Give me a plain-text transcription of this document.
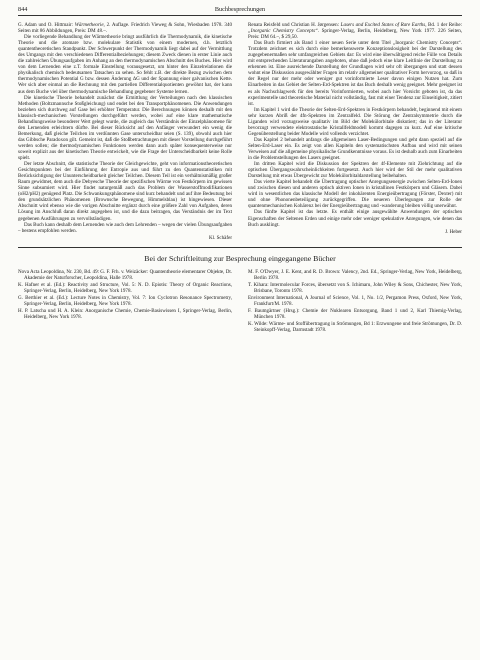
844	Buchbesprechungen

G. Adam und O. Hittmair: Wärmetheorie, 2. Auflage. Friedrich Vieweg & Sohn, Wiesbaden 1978. 340 Seiten mit 86 Abbildungen, Preis: DM 48.–.

Die vorliegende Behandlung der Wärmetheorie bringt ausführlich die Thermodynamik, die kinetische Theorie und die atomare bzw. molekulare Statistik von einem modernen, d.h. letztlich quantentheoretischen Standpunkt. Der Schwerpunkt der Thermodynamik liegt dabei auf der Vermittlung des Umgangs mit den verschiedenen Differentialbeziehungen; diesem Zweck dienen in erster Linie auch die zahlreichen Übungsaufgaben im Anhang an den thermodynamischen Abschnitt des Buches. Hier wird von dem Lernenden eine z.T. formale Einstellung vorausgesetzt, um hinter den Einzelrelationen die physikalisch chemisch bedeutsamen Tatsachen zu sehen. So fehlt z.B. der direkte Bezug zwischen dem thermodynamischen Potential G bzw. dessen Änderung ΔG und der Spannung einer galvanischen Kette. Wer sich aber einmal an die Rechnung mit den partiellen Differentialquotienten gewöhnt hat, der kann aus dem Buche viel über thermodynamische Behandlung gegebener Systeme lernen.

Die kinetische Theorie behandelt zunächst die Ermittlung der Verteilungen nach den klassischen Methoden (Boltzmannsche Stoßgleichung) und endet bei den Transportphänomenen. Die Anwendungen beziehen sich durchweg auf Gase bei erhöhter Temperatur. Die Berechnungen können deshalb mit den klassisch-mechanischen Vorstellungen durchgeführt werden, wobei auf eine klare mathematische Behandlungsweise besonderer Wert gelegt wurde, die zugleich das Verständnis der Einzelphänomene für den Lernenden erleichtern dürfte. Bei dieser Rücksicht auf den Anfänger verwundert ein wenig die Bemerkung, daß gleiche Teilchen im verdünnten Gase unterscheidbar seien (S. 139), obwohl auch hier das Gibbsche Paradoxon gilt. Gemeint ist, daß die Stoßbetrachtungen mit dieser Vorstellung durchgeführt werden sollen; die thermodynamischen Funktionen werden dann auch später konsequenterweise nur soweit explizit aus der kinetischen Theorie entwickelt, wie die Frage der Unterscheidbarkeit keine Rolle spielt.

Der letzte Abschnitt, die statistische Theorie der Gleichgewichte, geht von informationstheoretischen Gesichtspunkten bei der Einführung der Entropie aus und führt zu den Quantenstatistiken mit Berücksichtigung der Ununterscheidbarkeit gleicher Teilchen. Diesem Teil ist ein verhältnismäßig großer Raum gewidmet, dem auch die Debyesche Theorie der spezifischen Wärme von Festkörpern im gewissen Sinne subsumiert wird. Hier findet naturgemäß auch das Problem der Wasserstoffmodifikationen (oH2/pH2) genügend Platz. Die Schwankungsphänomene sind kurz behandelt und auf ihre Bedeutung bei den grundsätzlichen Phänomenen (Brownsche Bewegung, Himmelsblau) ist hingewiesen. Dieser Abschnitt wird ebenso wie die vorigen Abschnitte ergänzt durch eine größere Zahl von Aufgaben, deren Lösung im Anschluß daran direkt angegeben ist, und die dazu beitragen, das Verständnis der im Text gegebenen Ausführungen zu vervollständigen.

Das Buch kann deshalb dem Lernenden wie auch dem Lehrenden – wegen der vielen Übungsaufgaben – bestens empfohlen werden.

Kl. Schäfer

Renata Reisfeld und Christian H. Jørgensen: Lasers and Excited States of Rare Earths, Bd. 1 der Reihe: „Inorganic Chemistry Concepts“. Springer-Verlag, Berlin, Heidelberg, New York 1977. 226 Seiten, Preis: DM 64.–, $ 29,50.

Das Buch firmiert als Band 1 einer neuen Serie unter dem Titel „Inorganic Chemistry Concepts“. Trotzdem zeichnet es sich durch eine bemerkenswerte Konzeptionslosigkeit bei der Darstellung des zugegebenermaßen sehr umfangreichen Gebiets dar: Es wird eine überwältigend reiche Fülle von Details mit entsprechenden Literaturangaben angeboten, ohne daß jedoch eine klare Leitlinie der Darstellung zu erkennen ist. Eine ausreichende Darstellung der Grundlagen wird sehr oft übergangen und statt dessen wohnt eine Diskussion ausgewählter Fragen im relativ allgemeiner qualitativer Form hervorzog, so daß in der Regel nur der mehr oder weniger gut vorinformierte Leser davon einigen Nutzen hat. Zum Einarbeiten in das Gebiet der Selten-Erd-Spektren ist das Buch deshalb wenig geeignet. Mehr geeignet ist es als Nachschlagwerk für den bereits Vorinformierten, wobei auch hier Vorsicht geboten ist, da das experimentelle und theoretische Material nicht vollständig, fast mit einer Tendenz zur Einseitigkeit, zitiert ist.

Im Kapitel 1 wird die Theorie der Selten-Erd-Spektren in Festkörpern behandelt, beginnend mit einem sehr kurzen Abriß der 4fn-Spektren im Zentralfeld. Die Störung der Zentralsymmetrie durch die Liganden wird vorzugsweise qualitativ im Bild der Molekülorbitale diskutiert; das in der Literatur bevorzugt verwendete elektrostatische Kristallfeldmodell kommt dagegen zu kurz. Auf eine kritische Gegenüberstellung beider Modelle wird vollends verzichtet.

Das Kapitel 2 behandelt anfangs die allgemeinen Laser-Bedingungen und geht dann speziell auf die Selten-Erd-Laser ein. Es zeigt von allen Kapiteln den systematischsten Aufbau und wird mit seinen Verweisen auf die allgemeine physikalische Grundkenntnisse voraus. Es ist deshalb auch zum Einarbeiten in die Problemstellungen des Lasers geeignet.

Im dritten Kapitel wird die Diskussion der Spektren der 4f-Elemente mit Ziehrichtung auf die optischen Übergangswahrscheinlichkeiten fortgesetzt. Auch hier wird der Stil der mehr qualitativen Darstellung mit etwas Übergewicht zur Molekülorbitaldarstellung beibehalten.

Das vierte Kapitel behandelt die Übertragung optischer Anregungsenergie zwischen Selten-Erd-Ionen und zwischen diesen und anderen optisch aktiven Ionen in kristallinen Festkörpern und Gläsern. Dabei wird in wesentlichen das klassische Modell der inkohärenten Energieübertragung (Förster, Dexter) mit und ohne Phononenbeteiligung zurückgegriffen. Die neueren Überlegungen zur Rolle der quantenmechanischen Kohärenz bei der Energieübertragung und -wanderung bleiben völlig unerwähnt.

Das fünfte Kapitel ist das letzte. Es enthält einige ausgewählte Anwendungen der optischen Eigenschaften der Seltenen Erden und einige mehr oder weniger spekulative Anregungen, wie denen das Buch ausklingt.

J. Heber
Bei der Schriftleitung zur Besprechung eingegangene Bücher

Nova Acta Leopoldina, Nr. 230, Bd. 49: G. F. Frh. v. Weizäcker: Quantentheorie elementarer Objekte, Dt. Akademie der Naturforscher, Leopoldina, Halle 1978.

K. Hafner et al. (Ed.): Reactivity and Structure, Vol. 5: N. D. Epiotis: Theory of Organic Reactions, Springer-Verlag, Berlin, Heidelberg, New York 1978.

G. Berthier et al. (Ed.): Lecture Notes in Chemistry, Vol. 7: Ion Cyclotron Resonance Spectrometry, Springer-Verlag, Berlin, Heidelberg, New York 1978.

H. P. Latscha und H. A. Klein: Anorganische Chemie, Chemie-Basiswissen I, Springer-Verlag, Berlin, Heidelberg, New York 1978.

M. F. O'Dwyer, J. E. Kent, and R. D. Brown: Valency, 2nd. Ed., Springer-Verlag, New York, Heidelberg, Berlin 1978.

T. Kihara: Intermolecular Forces, übersetzt von S. Ichimaru, John Wiley & Sons, Chichester, New York, Brisbane, Toronto 1978.

Environment International, A Journal of Science, Vol. 1, No. 1/2, Pergamon Press, Oxford, New York, Frankfurt/M. 1978.

F. Baumgärtner (Hrsg.): Chemie der Nuklearen Entsorgung, Band 1 und 2, Karl Thiemig-Verlag, München 1978.

K. Wilde: Wärme- und Stoffübertragung in Strömungen, Bd 1: Erzwungene und freie Strömungen, Dr. D. Steinkopff-Verlag, Darmstadt 1978.
